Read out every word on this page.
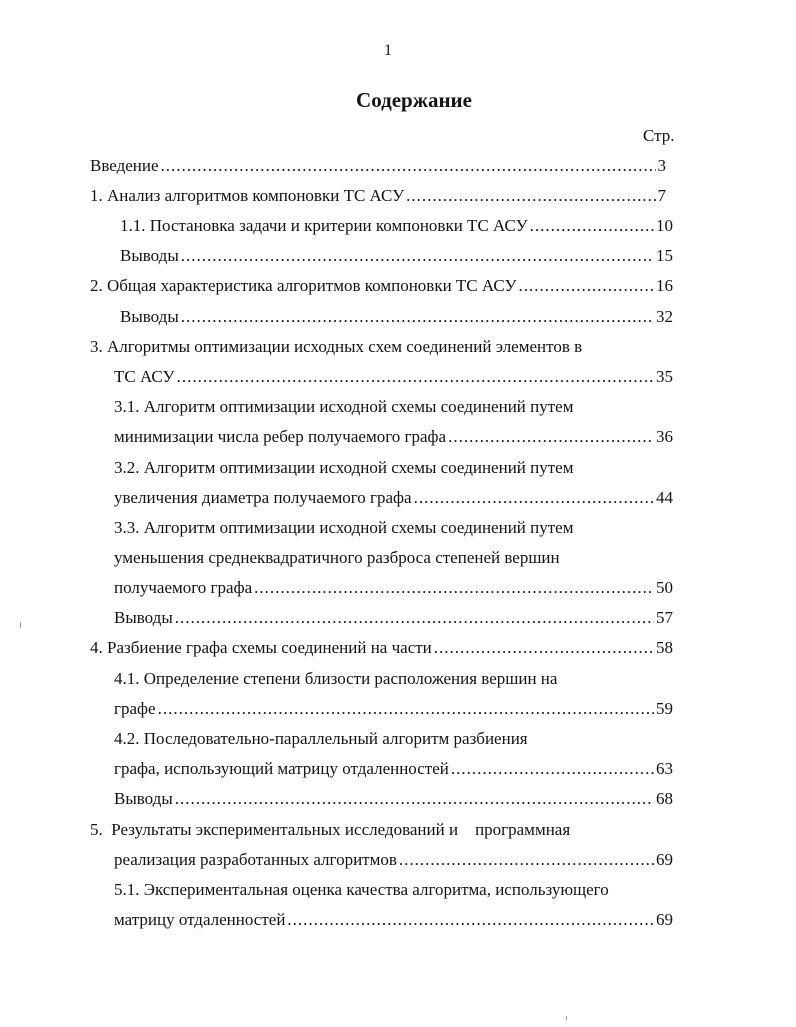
1
Содержание
Стр.
Введение .....	3
1. Анализ алгоритмов компоновки ТС АСУ .....	7
1.1. Постановка задачи и критерии компоновки ТС АСУ .....	10
Выводы .....	15
2. Общая характеристика алгоритмов компоновки ТС АСУ .....	16
Выводы .....	32
3. Алгоритмы оптимизации исходных схем соединений элементов в
ТС АСУ .....	35
3.1. Алгоритм оптимизации исходной схемы соединений путем
минимизации числа ребер получаемого графа .....	36
3.2. Алгоритм оптимизации исходной схемы соединений путем
увеличения диаметра получаемого графа .....	44
3.3. Алгоритм оптимизации исходной схемы соединений путем
уменьшения среднеквадратичного разброса степеней вершин
получаемого графа .....	50
Выводы .....	57
4. Разбиение графа схемы соединений на части .....	58
4.1. Определение степени близости расположения вершин на
графе .....	59
4.2. Последовательно-параллельный алгоритм разбиения
графа, использующий матрицу отдаленностей .....	63
Выводы .....	68
5.  Результаты экспериментальных исследований и    программная
реализация разработанных алгоритмов .....	69
5.1. Экспериментальная оценка качества алгоритма, использующего
матрицу отдаленностей .....	69
